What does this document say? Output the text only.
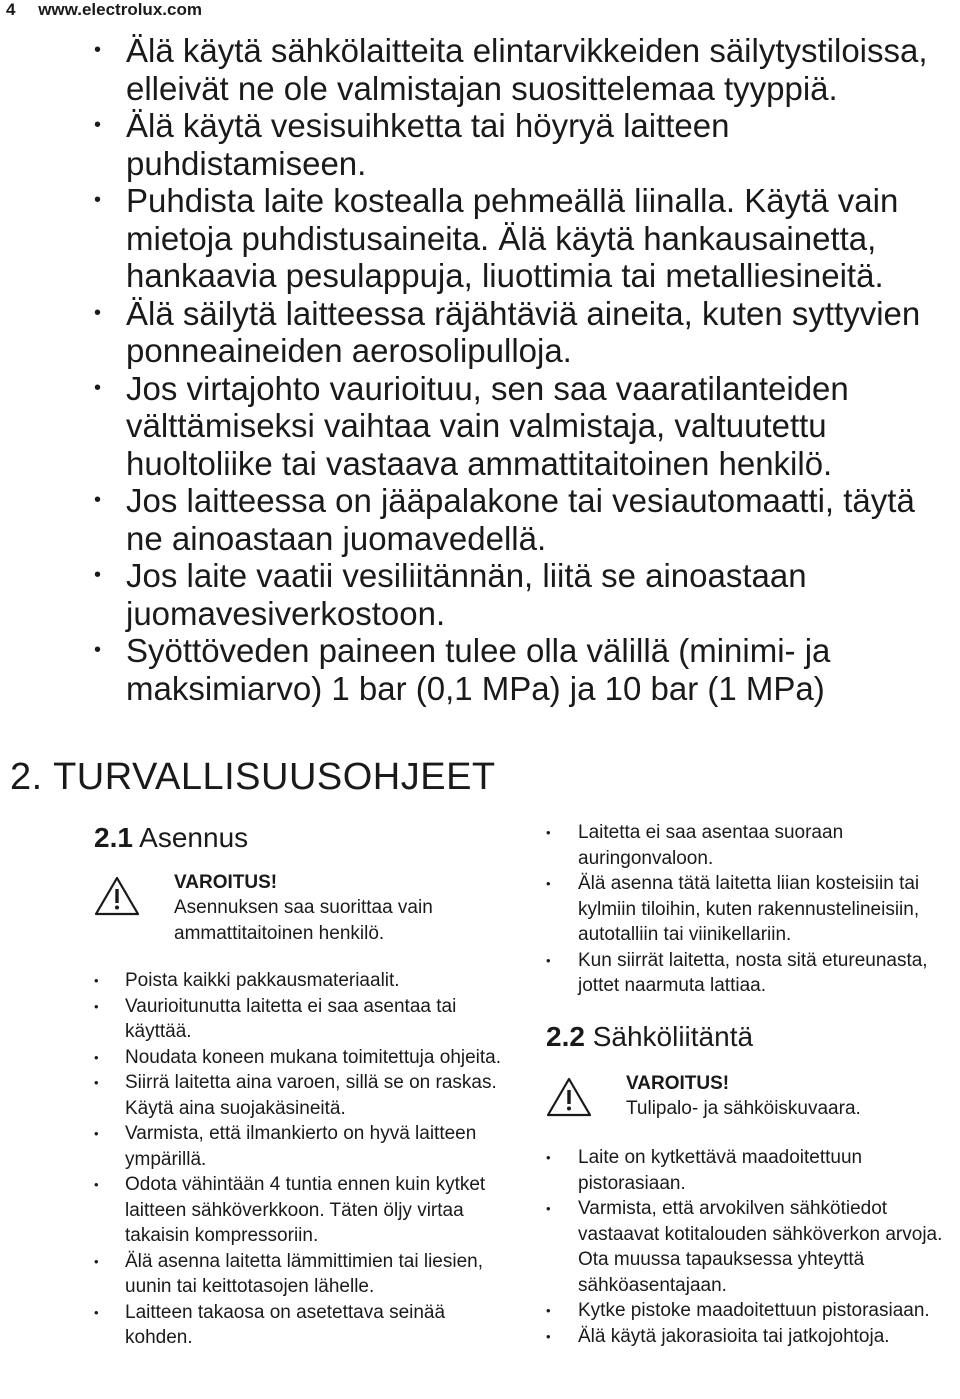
4 www.electrolux.com
• Älä käytä sähkölaitteita elintarvikkeiden säilytystiloissa, elleivät ne ole valmistajan suosittelemaa tyyppiä.
• Älä käytä vesisuihketta tai höyryä laitteen puhdistamiseen.
• Puhdista laite kostealla pehmeällä liinalla. Käytä vain mietoja puhdistusaineita. Älä käytä hankausainetta, hankaavia pesulappuja, liuottimia tai metalliesineitä.
• Älä säilytä laitteessa räjähtäviä aineita, kuten syttyvien ponneaineiden aerosolipulloja.
• Jos virtajohto vaurioituu, sen saa vaaratilanteiden välttämiseksi vaihtaa vain valmistaja, valtuutettu huoltoliike tai vastaava ammattitaitoinen henkilö.
• Jos laitteessa on jääpalakone tai vesiautomaatti, täytä ne ainoastaan juomavedellä.
• Jos laite vaatii vesiliitännän, liitä se ainoastaan juomavesiverkostoon.
• Syöttöveden paineen tulee olla välillä (minimi- ja maksimiarvo) 1 bar (0,1 MPa) ja 10 bar (1 MPa)
2. TURVALLISUUSOHJEET
2.1 Asennus
VAROITUS!
Asennuksen saa suorittaa vain ammattitaitoinen henkilö.
• Poista kaikki pakkausmateriaalit.
• Vaurioitunutta laitetta ei saa asentaa tai käyttää.
• Noudata koneen mukana toimitettuja ohjeita.
• Siirrä laitetta aina varoen, sillä se on raskas. Käytä aina suojakäsineitä.
• Varmista, että ilmankierto on hyvä laitteen ympärillä.
• Odota vähintään 4 tuntia ennen kuin kytket laitteen sähköverkkoon. Täten öljy virtaa takaisin kompressoriin.
• Älä asenna laitetta lämmittimien tai liesien, uunin tai keittotasojen lähelle.
• Laitteen takaosa on asetettava seinää kohden.
• Laitetta ei saa asentaa suoraan auringonvaloon.
• Älä asenna tätä laitetta liian kosteisiin tai kylmiin tiloihin, kuten rakennustelineisiin, autotalliin tai viinikellariin.
• Kun siirrät laitetta, nosta sitä etureunasta, jottet naarmuta lattiaa.
2.2 Sähköliitäntä
VAROITUS!
Tulipalo- ja sähköiskuvaara.
• Laite on kytkettävä maadoitettuun pistorasiaan.
• Varmista, että arvokilven sähkötiedot vastaavat kotitalouden sähköverkon arvoja. Ota muussa tapauksessa yhteyttä sähköasentajaan.
• Kytke pistoke maadoitettuun pistorasiaan.
• Älä käytä jakorasioita tai jatkojohtoja.
